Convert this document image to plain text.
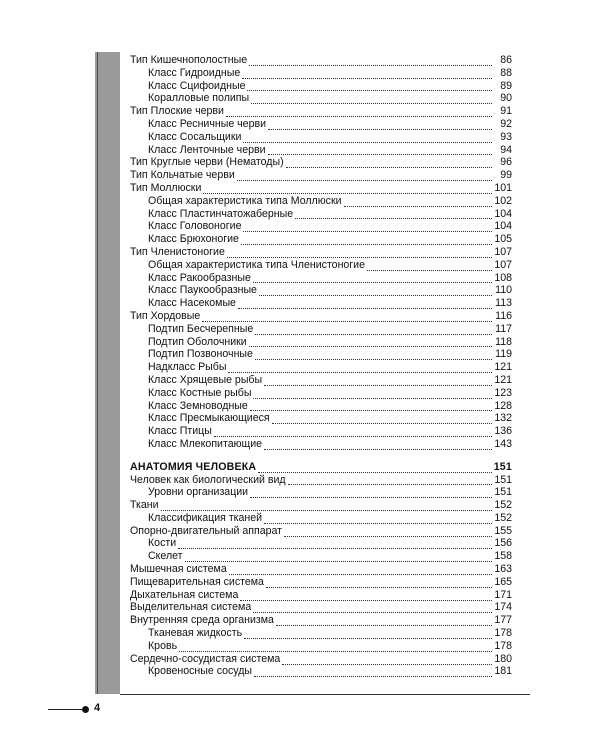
Тип Кишечнополостные	86
Класс Гидроидные	88
Класс Сцифоидные	89
Коралловые полипы	90
Тип Плоские черви	91
Класс Ресничные черви	92
Класс Сосальщики	93
Класс Ленточные черви	94
Тип Круглые черви (Нематоды)	96
Тип Кольчатые черви	99
Тип Моллюски	101
Общая характеристика типа Моллюски	102
Класс Пластинчатожаберные	104
Класс Головоногие	104
Класс Брюхоногие	105
Тип Членистоногие	107
Общая характеристика типа Членистоногие	107
Класс Ракообразные	108
Класс Паукообразные	110
Класс Насекомые	113
Тип Хордовые	116
Подтип Бесчерепные	117
Подтип Оболочники	118
Подтип Позвоночные	119
Надкласс Рыбы	121
Класс Хрящевые рыбы	121
Класс Костные рыбы	123
Класс Земноводные	128
Класс Пресмыкающиеся	132
Класс Птицы	136
Класс Млекопитающие	143
АНАТОМИЯ ЧЕЛОВЕКА	151
Человек как биологический вид	151
Уровни организации	151
Ткани	152
Классификация тканей	152
Опорно-двигательный аппарат	155
Кости	156
Скелет	158
Мышечная система	163
Пищеварительная система	165
Дыхательная система	171
Выделительная система	174
Внутренняя среда организма	177
Тканевая жидкость	178
Кровь	178
Сердечно-сосудистая система	180
Кровеносные сосуды	181
4
